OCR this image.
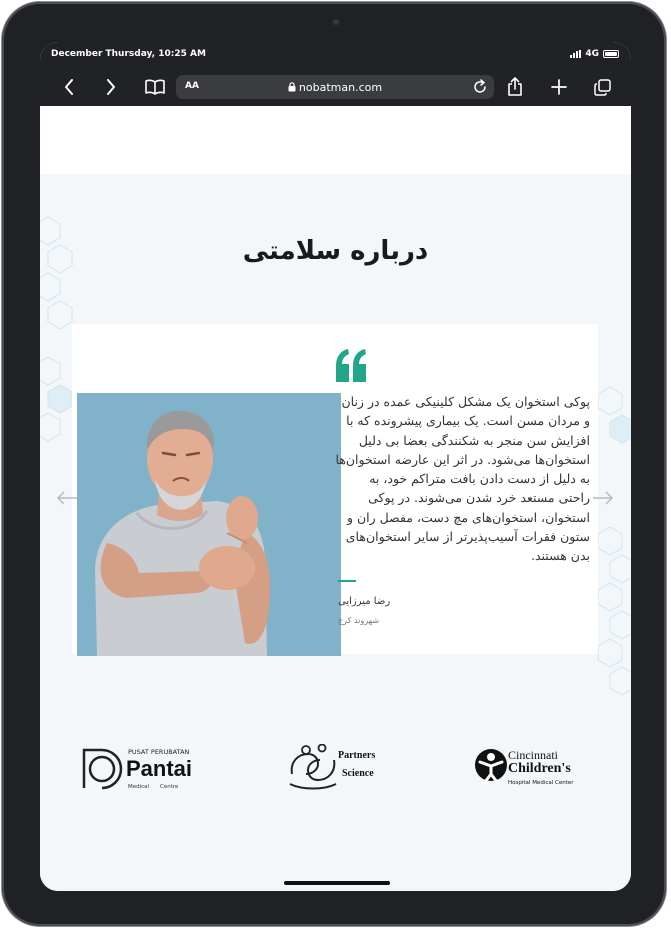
December Thursday, 10:25 AM	4G
AA	nobatman.com
درباره سلامتی
پوکی استخوان یک مشکل کلینیکی عمده در زنان و مردان مسن است. یک بیماری پیشرونده که با افزایش سن منجر به شکنندگی بعضا بی دلیل استخوان‌ها می‌شود. در اثر این عارضه استخوان‌ها به دلیل از دست دادن بافت متراکم خود، به راحتی مستعد خرد شدن می‌شوند. در پوکی استخوان، استخوان‌های مچ دست، مفصل ران و ستون فقرات آسیب‌پذیرتر از سایر استخوان‌های بدن هستند.
رضا میرزایی
شهروند کرج
PUSAT PERUBATAN
Pantai
Medical Centre
Partners
Science
Cincinnati
Children's
Hospital Medical Center
